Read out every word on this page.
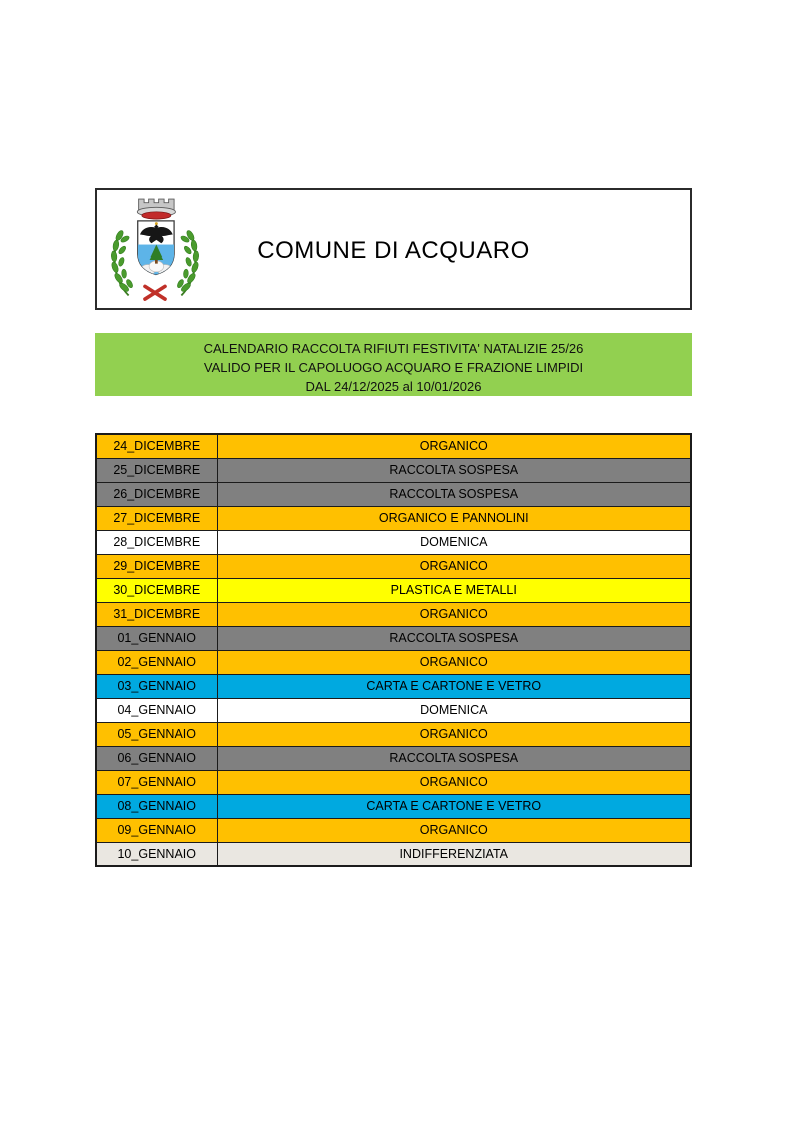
COMUNE DI ACQUARO
CALENDARIO RACCOLTA RIFIUTI FESTIVITA' NATALIZIE 25/26
VALIDO PER IL CAPOLUOGO ACQUARO E FRAZIONE LIMPIDI
DAL 24/12/2025 al 10/01/2026
24_DICEMBRE	ORGANICO
25_DICEMBRE	RACCOLTA SOSPESA
26_DICEMBRE	RACCOLTA SOSPESA
27_DICEMBRE	ORGANICO E PANNOLINI
28_DICEMBRE	DOMENICA
29_DICEMBRE	ORGANICO
30_DICEMBRE	PLASTICA E METALLI
31_DICEMBRE	ORGANICO
01_GENNAIO	RACCOLTA SOSPESA
02_GENNAIO	ORGANICO
03_GENNAIO	CARTA E CARTONE E VETRO
04_GENNAIO	DOMENICA
05_GENNAIO	ORGANICO
06_GENNAIO	RACCOLTA SOSPESA
07_GENNAIO	ORGANICO
08_GENNAIO	CARTA E CARTONE E VETRO
09_GENNAIO	ORGANICO
10_GENNAIO	INDIFFERENZIATA
